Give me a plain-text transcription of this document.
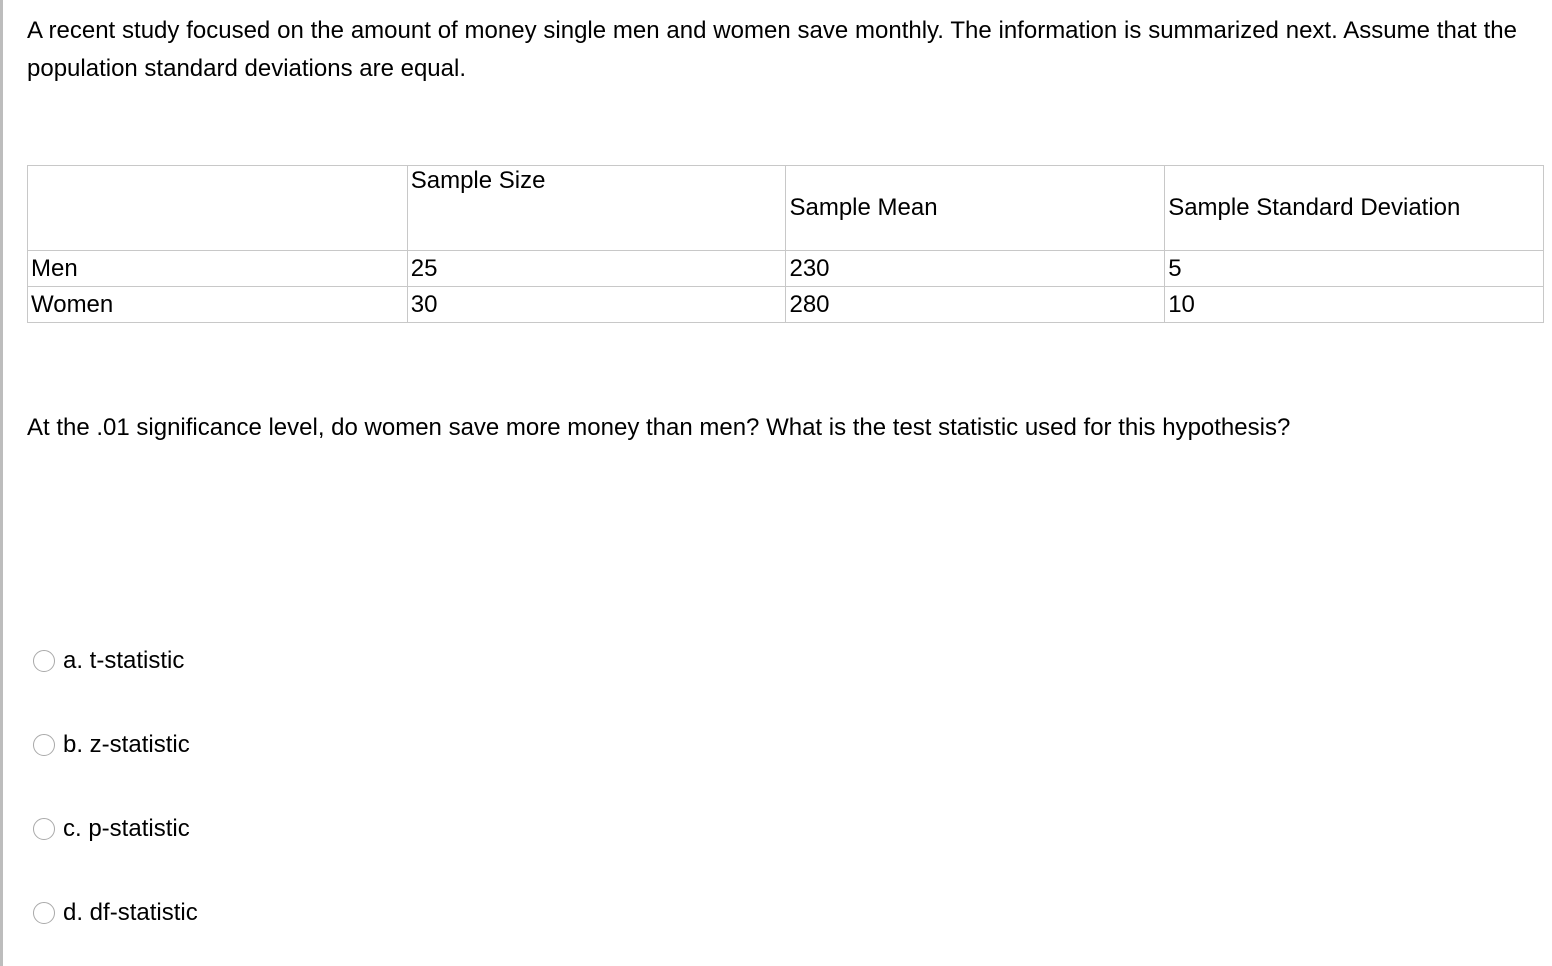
A recent study focused on the amount of money single men and women save monthly. The information is summarized next. Assume that the population standard deviations are equal.

	Sample Size	Sample Mean	Sample Standard Deviation
Men	25	230	5
Women	30	280	10

At the .01 significance level, do women save more money than men? What is the test statistic used for this hypothesis?

a. t-statistic
b. z-statistic
c. p-statistic
d. df-statistic
